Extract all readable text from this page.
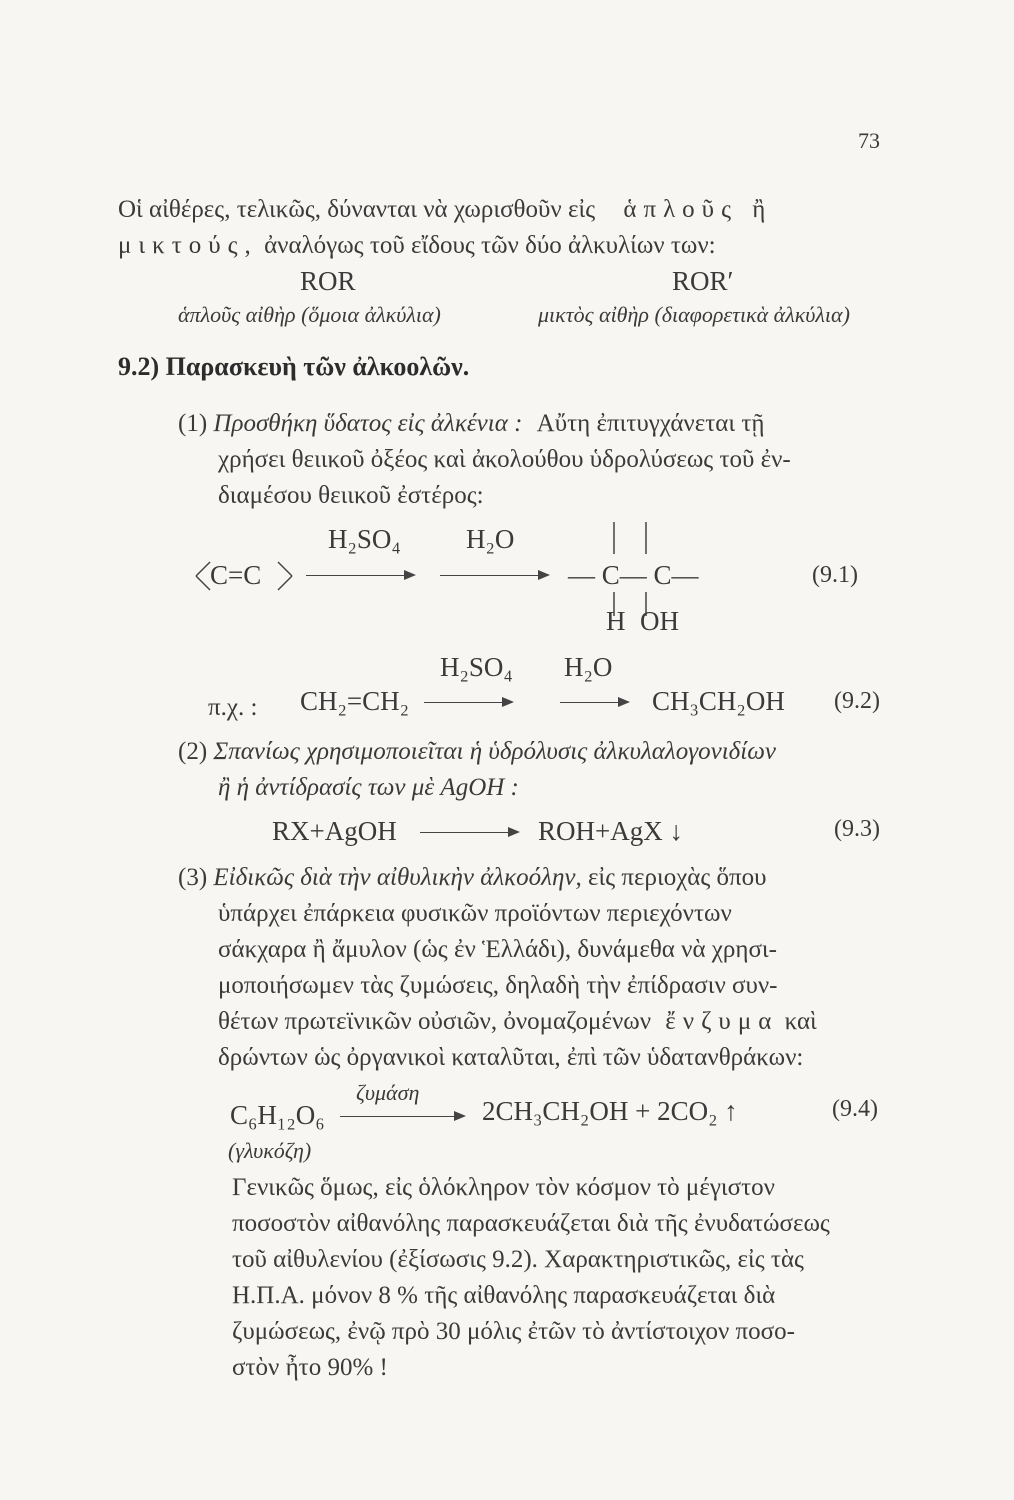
73
Οἱ αἰθέρες, τελικῶς, δύνανται νὰ χωρισθοῦν εἰς ἁπλοῦς ἢ
μικτούς, ἀναλόγως τοῦ εἴδους τῶν δύο ἀλκυλίων των:
ROR	ROR′
ἁπλοῦς αἰθὴρ (ὅμοια ἀλκύλια)	μικτὸς αἰθὴρ (διαφορετικὰ ἀλκύλια)
9.2) Παρασκευὴ τῶν ἀλκοολῶν.
(1) Προσθήκη ὕδατος εἰς ἀλκένια : Αὔτη ἐπιτυγχάνεται τῇ
χρήσει θειικοῦ ὀξέος καὶ ἀκολούθου ὑδρολύσεως τοῦ ἐν-
διαμέσου θειικοῦ ἐστέρος:
H₂SO₄ H₂O
C=C	— C— C—
H OH
(9.1)
H₂SO₄ H₂O
π.χ. : CH₂=CH₂	CH₃CH₂OH (9.2)
(2) Σπανίως χρησιμοποιεῖται ἡ ὑδρόλυσις ἀλκυλαλογονιδίων
ἢ ἡ ἀντίδρασίς των μὲ AgOH :
RX+AgOH	ROH+AgX ↓	(9.3)
(3) Εἰδικῶς διὰ τὴν αἰθυλικὴν ἀλκοόλην, εἰς περιοχὰς ὅπου
ὑπάρχει ἐπάρκεια φυσικῶν προϊόντων περιεχόντων
σάκχαρα ἢ ἄμυλον (ὡς ἐν Ἑλλάδι), δυνάμεθα νὰ χρησι-
μοποιήσωμεν τὰς ζυμώσεις, δηλαδὴ τὴν ἐπίδρασιν συν-
θέτων πρωτεϊνικῶν οὐσιῶν, ὀνομαζομένων ἔνζυμα καὶ
δρώντων ὡς ὀργανικοὶ καταλῦται, ἐπὶ τῶν ὑδατανθράκων:
ζυμάση
C₆H₁₂O₆	2CH₃CH₂OH + 2CO₂ ↑	(9.4)
(γλυκόζη)
Γενικῶς ὅμως, εἰς ὁλόκληρον τὸν κόσμον τὸ μέγιστον
ποσοστὸν αἰθανόλης παρασκευάζεται διὰ τῆς ἐνυδατώσεως
τοῦ αἰθυλενίου (ἐξίσωσις 9.2). Χαρακτηριστικῶς, εἰς τὰς
Η.Π.Α. μόνον 8 % τῆς αἰθανόλης παρασκευάζεται διὰ
ζυμώσεως, ἐνῷ πρὸ 30 μόλις ἐτῶν τὸ ἀντίστοιχον ποσο-
στὸν ἦτο 90% !
